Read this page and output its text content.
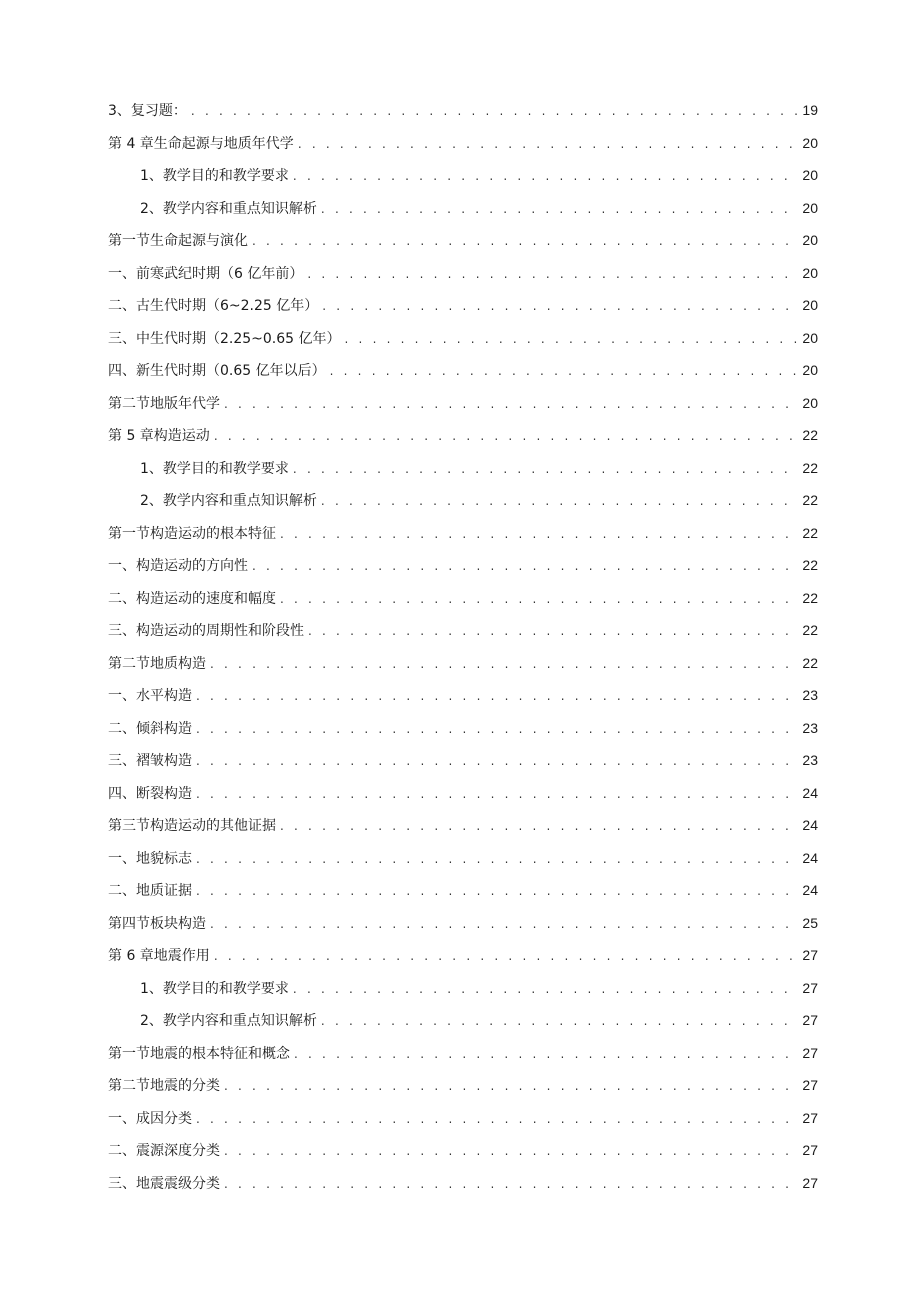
3、复习题： . . .	19
第 4 章生命起源与地质年代学 . . .	20
1、教学目的和教学要求 . . .	20
2、教学内容和重点知识解析 . . .	20
第一节生命起源与演化 . . .	20
一、前寒武纪时期（6 亿年前） . . .	20
二、古生代时期（6~2.25 亿年） . . .	20
三、中生代时期（2.25~0.65 亿年） . . .	20
四、新生代时期（0.65 亿年以后） . . .	20
第二节地版年代学 . . .	20
第 5 章构造运动 . . .	22
1、教学目的和教学要求 . . .	22
2、教学内容和重点知识解析 . . .	22
第一节构造运动的根本特征 . . .	22
一、构造运动的方向性 . . .	22
二、构造运动的速度和幅度 . . .	22
三、构造运动的周期性和阶段性 . . .	22
第二节地质构造 . . .	22
一、水平构造 . . .	23
二、倾斜构造 . . .	23
三、褶皱构造 . . .	23
四、断裂构造 . . .	24
第三节构造运动的其他证据 . . .	24
一、地貌标志 . . .	24
二、地质证据 . . .	24
第四节板块构造 . . .	25
第 6 章地震作用 . . .	27
1、教学目的和教学要求 . . .	27
2、教学内容和重点知识解析 . . .	27
第一节地震的根本特征和概念 . . .	27
第二节地震的分类 . . .	27
一、成因分类 . . .	27
二、震源深度分类 . . .	27
三、地震震级分类 . . .	27
